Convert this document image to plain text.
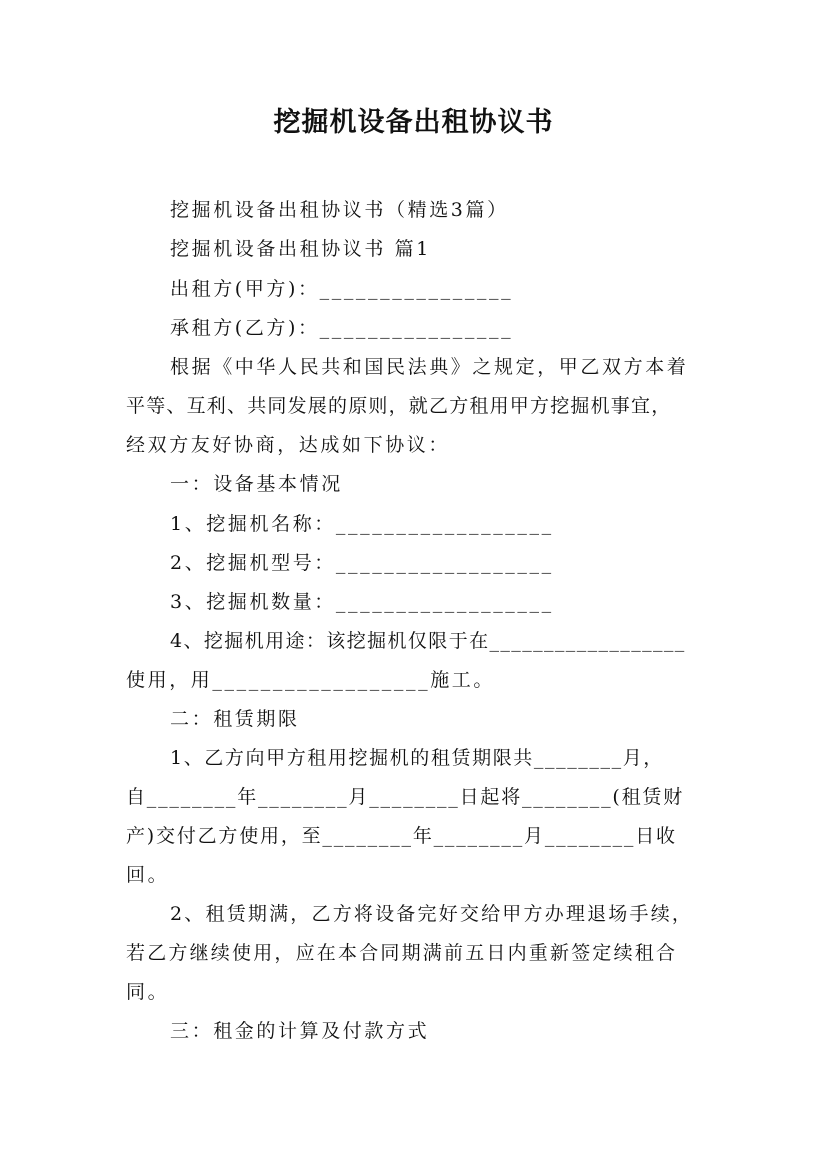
挖掘机设备出租协议书
挖掘机设备出租协议书（精选3篇）
挖掘机设备出租协议书 篇1
出租方(甲方)：________________
承租方(乙方)：________________
根据《中华人民共和国民法典》之规定，甲乙双方本着
平等、互利、共同发展的原则，就乙方租用甲方挖掘机事宜，
经双方友好协商，达成如下协议：
一：设备基本情况
1、挖掘机名称：__________________
2、挖掘机型号：__________________
3、挖掘机数量：__________________
4、挖掘机用途：该挖掘机仅限于在__________________
使用，用__________________施工。
二：租赁期限
1、乙方向甲方租用挖掘机的租赁期限共________月，
自________年________月________日起将________(租赁财
产)交付乙方使用，至________年________月________日收
回。
2、租赁期满，乙方将设备完好交给甲方办理退场手续，
若乙方继续使用，应在本合同期满前五日内重新签定续租合
同。
三：租金的计算及付款方式
